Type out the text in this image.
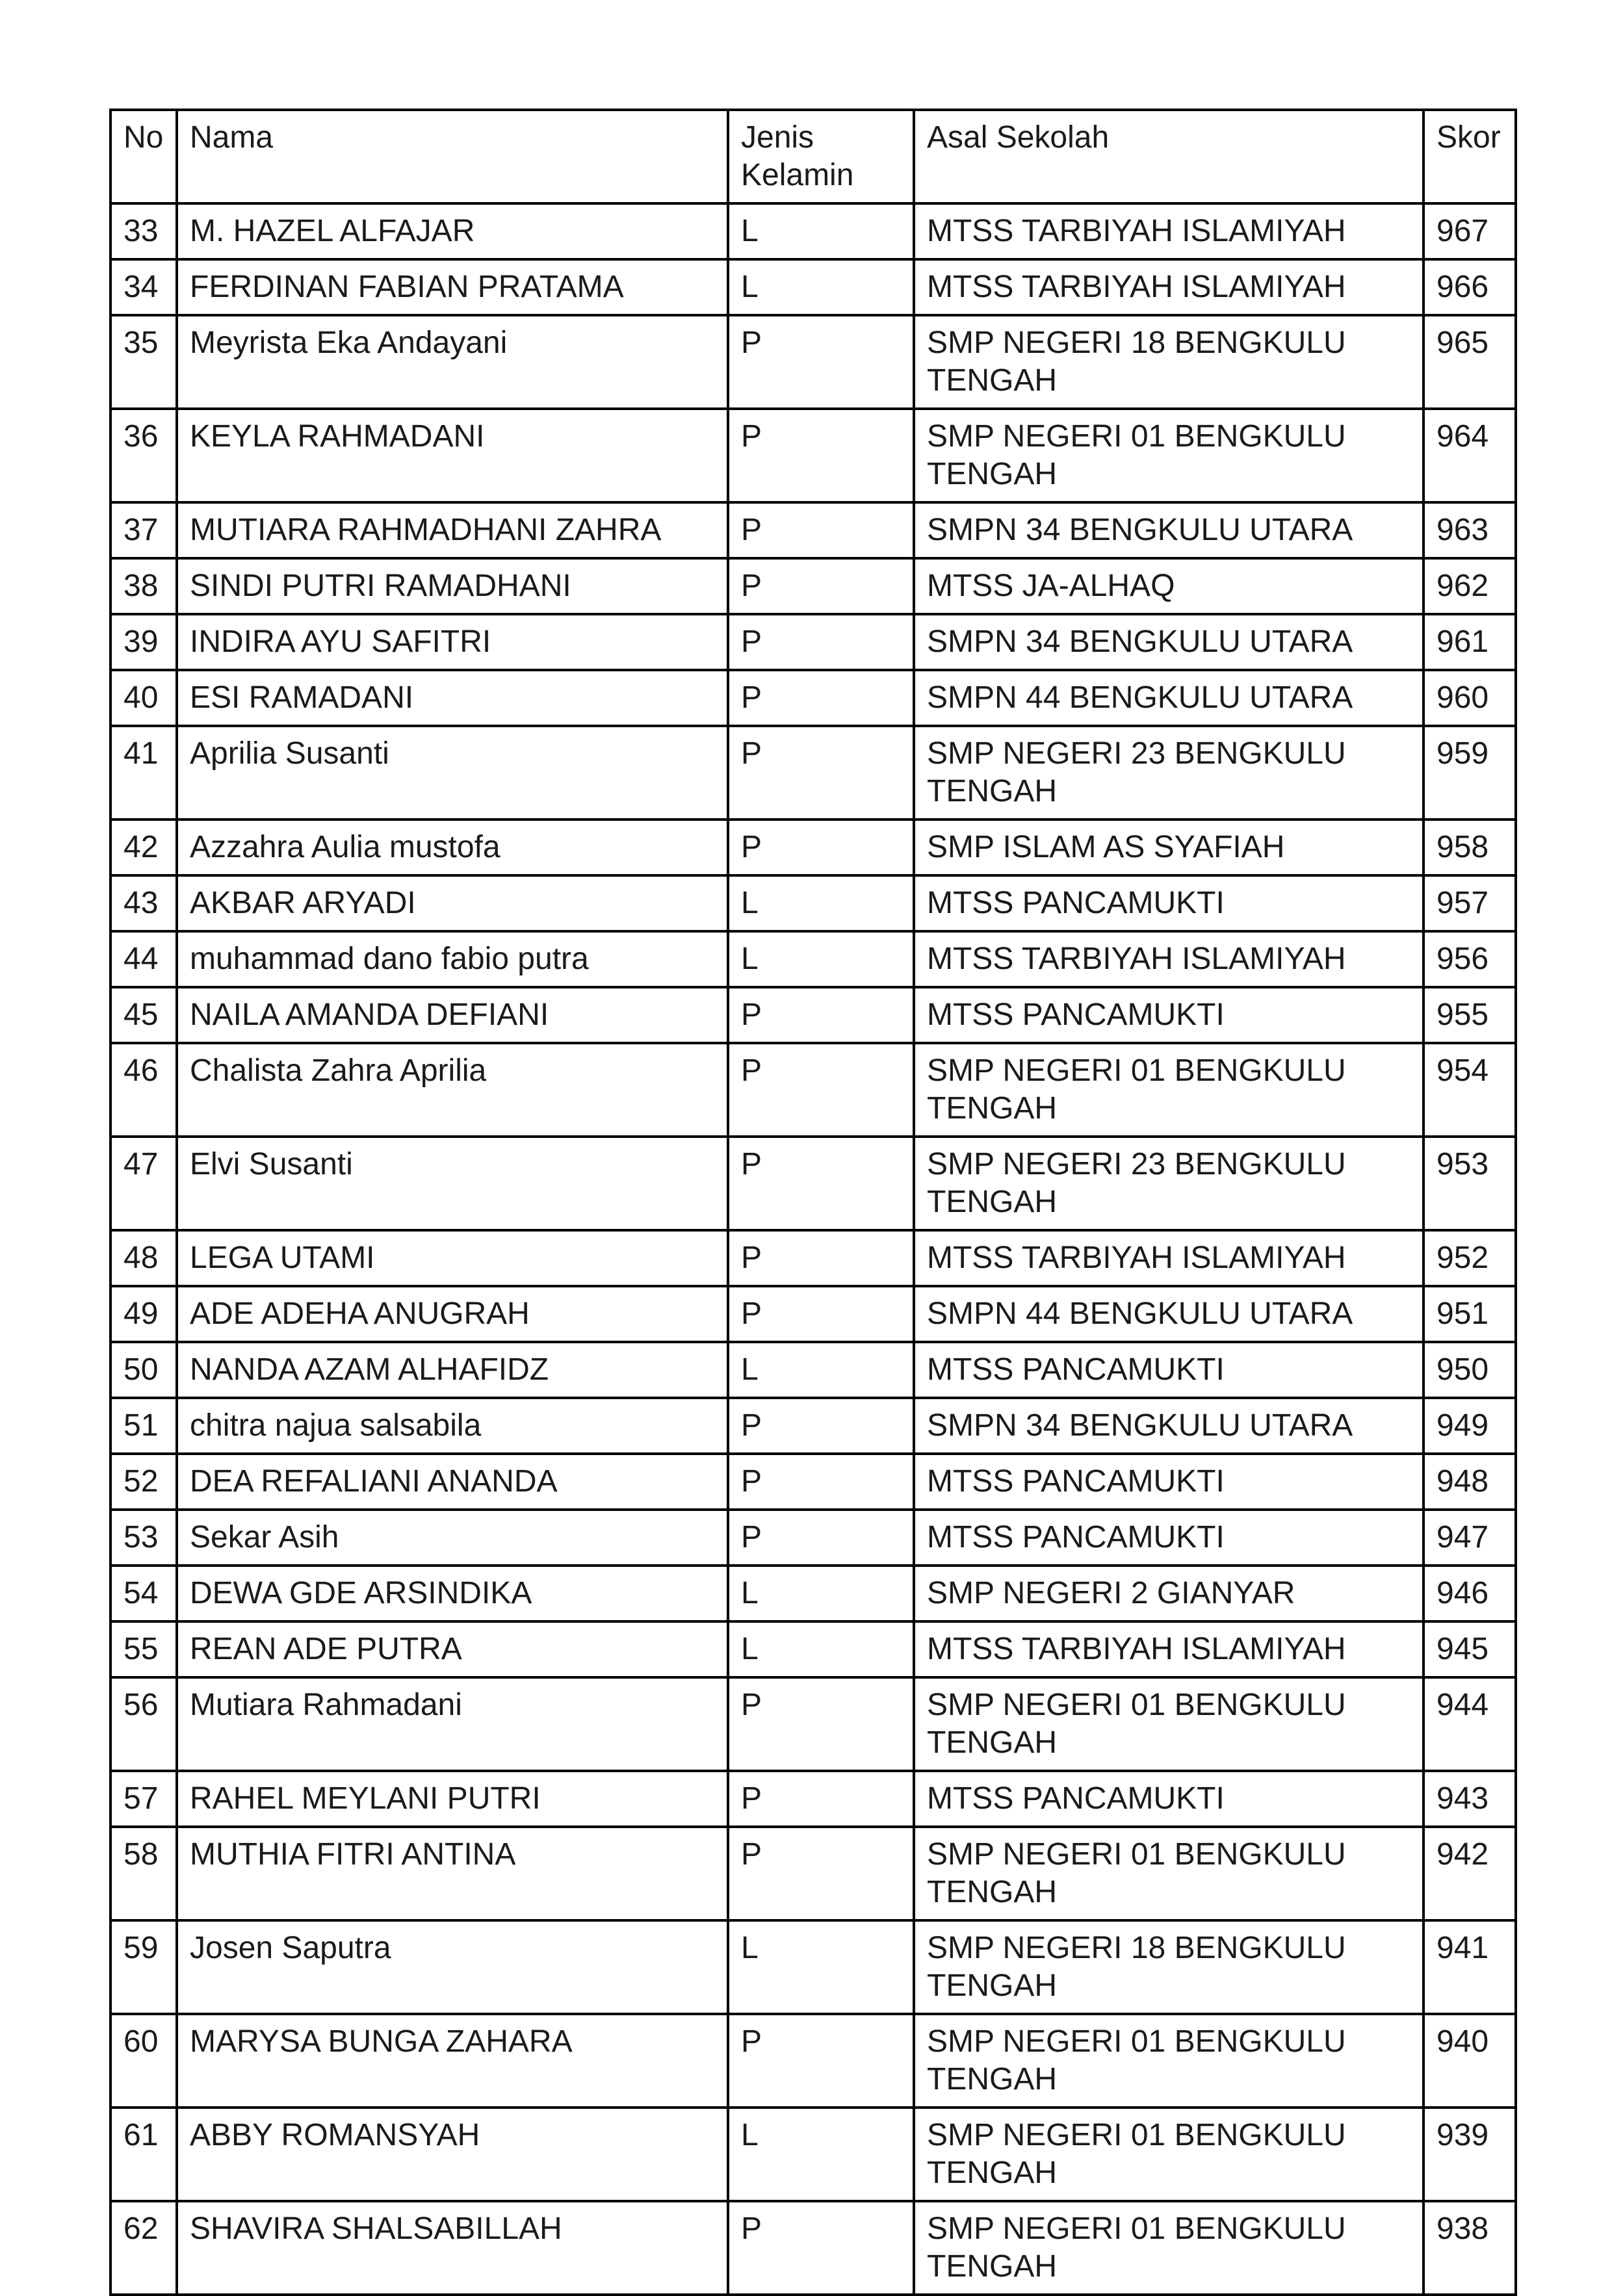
No	Nama	Jenis Kelamin	Asal Sekolah	Skor
33	M. HAZEL ALFAJAR	L	MTSS TARBIYAH ISLAMIYAH	967
34	FERDINAN FABIAN PRATAMA	L	MTSS TARBIYAH ISLAMIYAH	966
35	Meyrista Eka Andayani	P	SMP NEGERI 18 BENGKULU TENGAH	965
36	KEYLA RAHMADANI	P	SMP NEGERI 01 BENGKULU TENGAH	964
37	MUTIARA RAHMADHANI ZAHRA	P	SMPN 34 BENGKULU UTARA	963
38	SINDI PUTRI RAMADHANI	P	MTSS JA-ALHAQ	962
39	INDIRA AYU SAFITRI	P	SMPN 34 BENGKULU UTARA	961
40	ESI RAMADANI	P	SMPN 44 BENGKULU UTARA	960
41	Aprilia Susanti	P	SMP NEGERI 23 BENGKULU TENGAH	959
42	Azzahra Aulia mustofa	P	SMP ISLAM AS SYAFIAH	958
43	AKBAR ARYADI	L	MTSS PANCAMUKTI	957
44	muhammad dano fabio putra	L	MTSS TARBIYAH ISLAMIYAH	956
45	NAILA AMANDA DEFIANI	P	MTSS PANCAMUKTI	955
46	Chalista Zahra Aprilia	P	SMP NEGERI 01 BENGKULU TENGAH	954
47	Elvi Susanti	P	SMP NEGERI 23 BENGKULU TENGAH	953
48	LEGA UTAMI	P	MTSS TARBIYAH ISLAMIYAH	952
49	ADE ADEHA ANUGRAH	P	SMPN 44 BENGKULU UTARA	951
50	NANDA AZAM ALHAFIDZ	L	MTSS PANCAMUKTI	950
51	chitra najua salsabila	P	SMPN 34 BENGKULU UTARA	949
52	DEA REFALIANI ANANDA	P	MTSS PANCAMUKTI	948
53	Sekar Asih	P	MTSS PANCAMUKTI	947
54	DEWA GDE ARSINDIKA	L	SMP NEGERI 2 GIANYAR	946
55	REAN ADE PUTRA	L	MTSS TARBIYAH ISLAMIYAH	945
56	Mutiara Rahmadani	P	SMP NEGERI 01 BENGKULU TENGAH	944
57	RAHEL MEYLANI PUTRI	P	MTSS PANCAMUKTI	943
58	MUTHIA FITRI ANTINA	P	SMP NEGERI 01 BENGKULU TENGAH	942
59	Josen Saputra	L	SMP NEGERI 18 BENGKULU TENGAH	941
60	MARYSA BUNGA ZAHARA	P	SMP NEGERI 01 BENGKULU TENGAH	940
61	ABBY ROMANSYAH	L	SMP NEGERI 01 BENGKULU TENGAH	939
62	SHAVIRA SHALSABILLAH	P	SMP NEGERI 01 BENGKULU TENGAH	938
